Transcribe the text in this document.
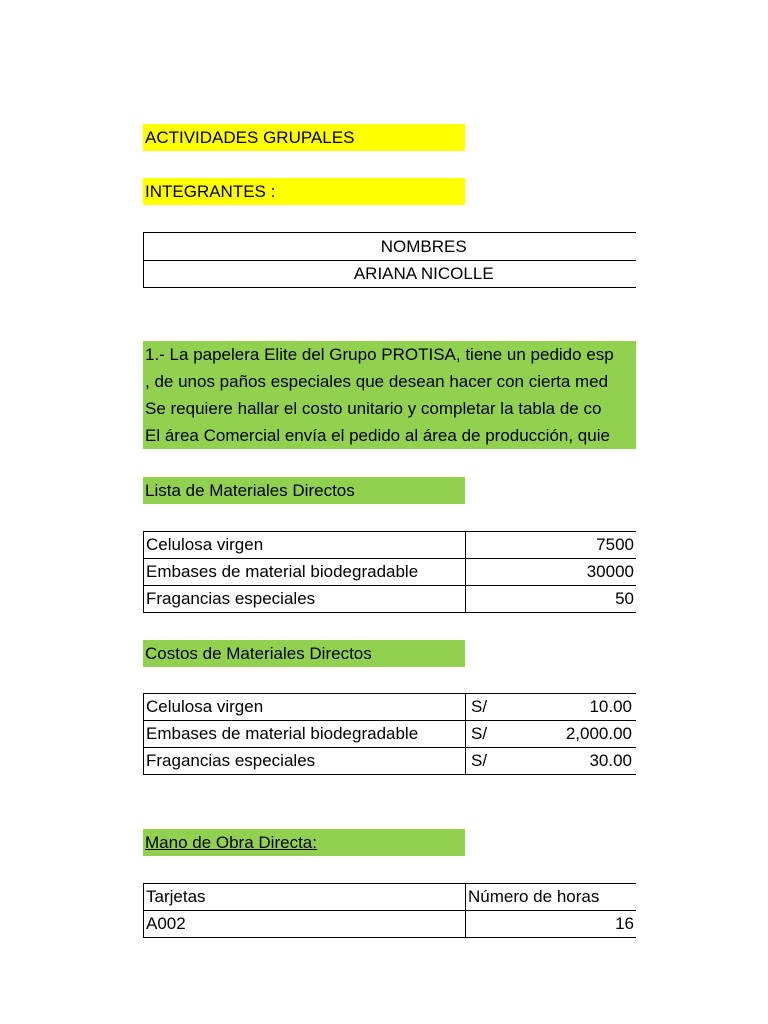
ACTIVIDADES GRUPALES
INTEGRANTES :
NOMBRES
ARIANA NICOLLE
1.- La papelera Elite del Grupo PROTISA, tiene un pedido esp
, de unos paños especiales que desean hacer con cierta med
Se requiere hallar el costo unitario y completar la tabla de co
El área Comercial envía el pedido al área de producción, quie
Lista de Materiales Directos
Celulosa virgen	7500
Embases de material biodegradable	30000
Fragancias especiales	50
Costos de Materiales Directos
Celulosa virgen	S/ 10.00

Embases de material biodegradable	S/ 2,000.00

Fragancias especiales	S/ 30.00
Mano de Obra Directa:
Tarjetas	Número de horas
A002	16
